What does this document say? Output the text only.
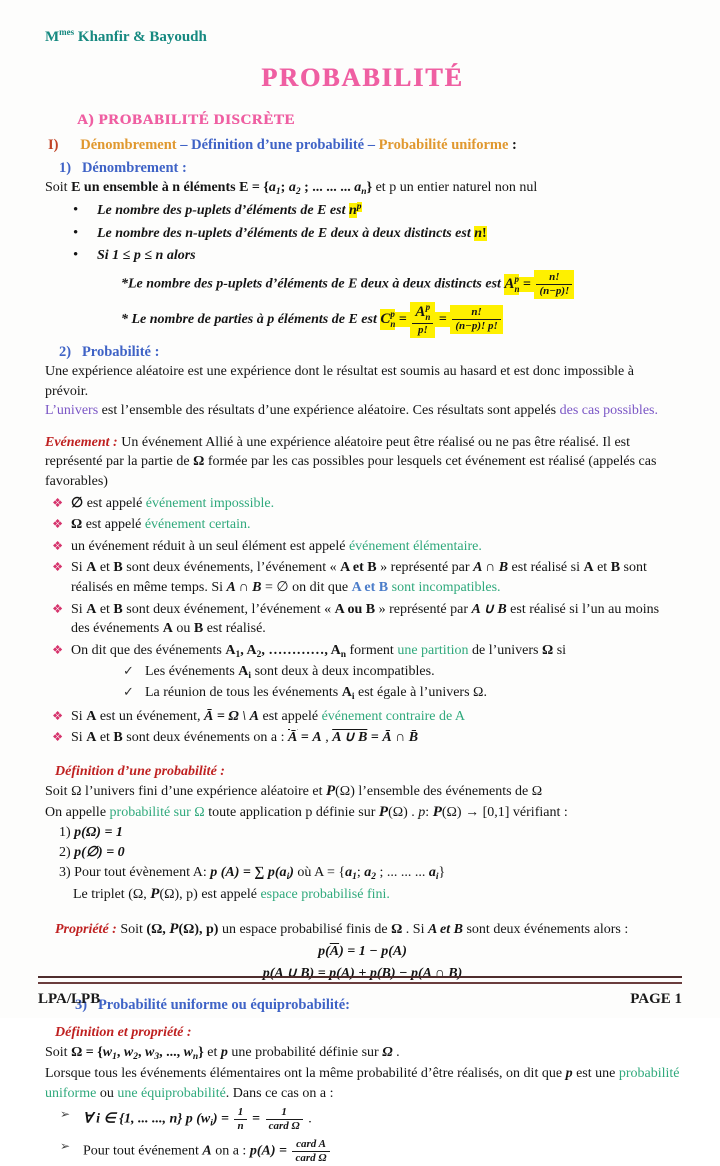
$M^{mes}$ Khanfir & Bayoudh
PROBABILITÉ
A) PROBABILITÉ DISCRÈTE
I)   Dénombrement – Définition d’une probabilité – Probabilité uniforme :
1)  Dénombrement :
Soit E un ensemble à n éléments $E = \{a_1$; $a_2$ ; ... ... ... $a_n$} et p un entier naturel non nul
• Le nombre des p-uplets d’éléments de E est $n^p$
• Le nombre des n-uplets d’éléments de E deux à deux distincts est n!
• Si 1 ≤ p ≤ n alors
*Le nombre des p-uplets d’éléments de E deux à deux distincts est A p
$n = \frac{n!}{(n-p)!}$
* Le nombre de parties à p éléments de E est C p
n = A p
n
p! = $\frac{n!}{(n-p)! p!}$
2)  Probabilité :
Une expérience aléatoire est une expérience dont le résultat est soumis au hasard et est donc impossible à prévoir.
L’univers est l’ensemble des résultats d’une expérience aléatoire. Ces résultats sont appelés des cas possibles.
Evénement : Un événement Allié à une expérience aléatoire peut être réalisé ou ne pas être réalisé. Il est représenté par la partie de Ω formée par les cas possibles pour lesquels cet événement est réalisé (appelés cas favorables)
❖ ∅ est appelé événement impossible.
❖ Ω est appelé événement certain.
❖ un événement réduit à un seul élément est appelé événement élémentaire.
❖ Si A et B sont deux événements, l’événement « A et B » représenté par A ∩ B est réalisé si A et B sont réalisés en même temps. Si A ∩ B = ∅ on dit que A et B sont incompatibles.
❖ Si A et B sont deux événement, l’événement « A ou B » représenté par A ∪ B est réalisé si l’un au moins des événements A ou B est réalisé.
❖ On dit que des événements $A_1$, $A_2$, …………, $A_n$ forment une partition de l’univers Ω si
✓ Les événements $A_i$ sont deux à deux incompatibles.
✓ La réunion de tous les événements $A_i$ est égale à l’univers Ω.
❖ Si A est un événement, Ā = Ω \ A est appelé événement contraire de A
❖ Si A et B sont deux événements on a : $\overline{Ā} = A$ , A ∪ B = Ā ∩ B̄
Définition d’une probabilité :
Soit Ω l’univers fini d’une expérience aléatoire et P(Ω) l’ensemble des événements de Ω
On appelle probabilité sur Ω toute application p définie sur P(Ω) . p: P(Ω) → [0,1] vérifiant :
1) p(Ω) = 1
2) p(∅) = 0
3) Pour tout évènement A: p (A) = ∑ $p(a_i)$ où $A = \{a_1$; $a_2$ ; ... ... ... $a_i$}
Le triplet (Ω, P(Ω), p) est appelé espace probabilisé fini.
Propriété : Soit (Ω, P(Ω), p) un espace probabilisé finis de Ω . Si A et B sont deux événements alors :
$p(\overline{A}) = 1 - p(A)$
p(A ∪ B) = p(A) + p(B) − p(A ∩ B)
3)  Probabilité uniforme ou équiprobabilité:
Définition et propriété :
Soit $\Omega = \{w_1$, $w_2$, $w_3$, ..., $w_n$} et p une probabilité définie sur Ω .
Lorsque tous les événements élémentaires ont la même probabilité d’être réalisés, on dit que p est une probabilité uniforme ou une équiprobabilité. Dans ce cas on a :
➢ ∀ i ∈ {1, ... ..., n} p $(w_i) = \frac{1}{n} = \frac{1}{\text{card Ω}}$ .
➢ Pour tout événement A on a : $p(A) = \frac{\text{card A}}{\text{card Ω}}$
LPA/LPB	PAGE 1
